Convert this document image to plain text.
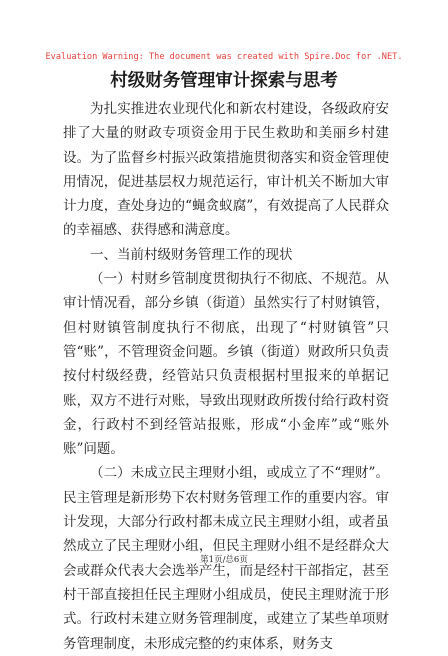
Evaluation Warning: The document was created with Spire.Doc for .NET.
村级财务管理审计探索与思考

为扎实推进农业现代化和新农村建设，各级政府安排了大量的财政专项资金用于民生救助和美丽乡村建设。为了监督乡村振兴政策措施贯彻落实和资金管理使用情况，促进基层权力规范运行，审计机关不断加大审计力度，查处身边的“蝇贪蚁腐”，有效提高了人民群众的幸福感、获得感和满意度。

一、当前村级财务管理工作的现状

（一）村财乡管制度贯彻执行不彻底、不规范。从审计情况看，部分乡镇（街道）虽然实行了村财镇管，但村财镇管制度执行不彻底，出现了“村财镇管”只管“账”，不管理资金问题。乡镇（街道）财政所只负责按付村级经费，经管站只负责根据村里报来的单据记账，双方不进行对账，导致出现财政所拨付给行政村资金，行政村不到经管站报账，形成“小金库”或“账外账”问题。

（二）未成立民主理财小组，或成立了不“理财”。民主管理是新形势下农村财务管理工作的重要内容。审计发现，大部分行政村都未成立民主理财小组，或者虽然成立了民主理财小组，但民主理财小组不是经群众大会或群众代表大会选举产生，而是经村干部指定，甚至村干部直接担任民主理财小组成员，使民主理财流于形式。行政村未建立财务管理制度，或建立了某些单项财务管理制度，未形成完整的约束体系，财务支

第1页/总6页
